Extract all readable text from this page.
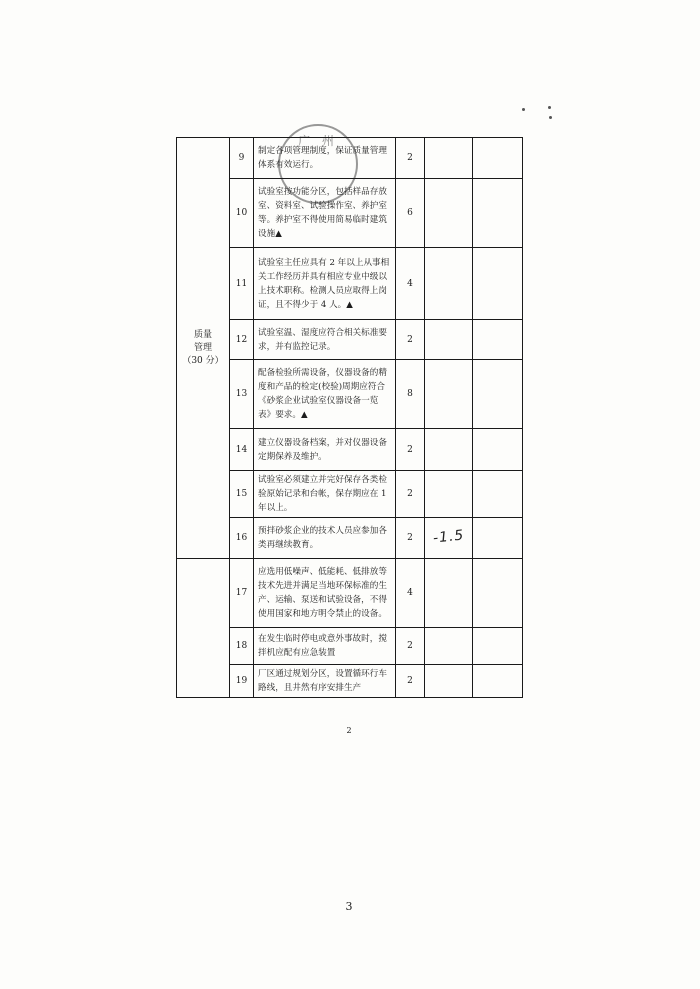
广 州
质量
管理
（30 分）	9	制定各项管理制度，保证质量管理体系有效运行。	2		
	10	试验室按功能分区，包括样品存放室、资料室、试验操作室、养护室等。养护室不得使用简易临时建筑设施▲	6		
	11	试验室主任应具有 2 年以上从事相关工作经历并具有相应专业中级以上技术职称。检测人员应取得上岗证，且不得少于 4 人。▲	4		
	12	试验室温、湿度应符合相关标准要求，并有监控记录。	2		
	13	配备检验所需设备，仪器设备的精度和产品的检定(校验)周期应符合《砂浆企业试验室仪器设备一览表》要求。▲	8		
	14	建立仪器设备档案，并对仪器设备定期保养及维护。	2		
	15	试验室必须建立并完好保存各类检验原始记录和台帐，保存期应在 1 年以上。	2		
	16	预拌砂浆企业的技术人员应参加各类再继续教育。	2	-1.5	
	17	应选用低噪声、低能耗、低排放等技术先进并满足当地环保标准的生产、运输、泵送和试验设备，不得使用国家和地方明令禁止的设备。	4		
	18	在发生临时停电或意外事故时，搅拌机应配有应急装置	2		
	19	厂区通过规划分区，设置循环行车路线，且井然有序安排生产	2		
2
3
